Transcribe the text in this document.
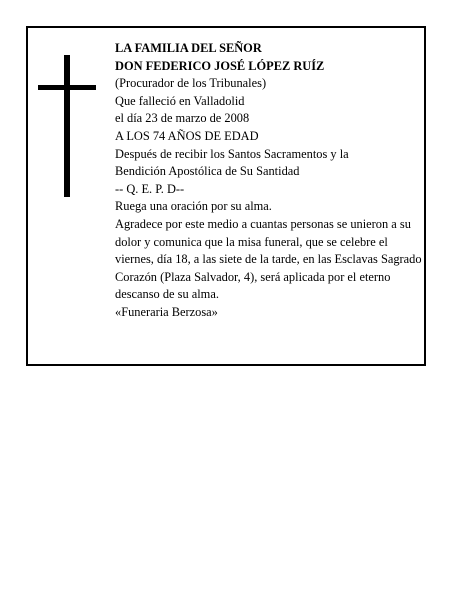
LA FAMILIA DEL SEÑOR
DON FEDERICO JOSÉ LÓPEZ RUÍZ
(Procurador de los Tribunales)
Que falleció en Valladolid
el día 23 de marzo de 2008
A LOS 74 AÑOS DE EDAD
Después de recibir los Santos Sacramentos y la
Bendición Apostólica de Su Santidad
-- Q. E. P. D--
Ruega una oración por su alma.
Agradece por este medio a cuantas personas se unieron a su dolor y comunica que la misa funeral, que se celebre el viernes, día 18, a las siete de la tarde, en las Esclavas Sagrado Corazón (Plaza Salvador, 4), será aplicada por el eterno descanso de su alma.
«Funeraria Berzosa»
